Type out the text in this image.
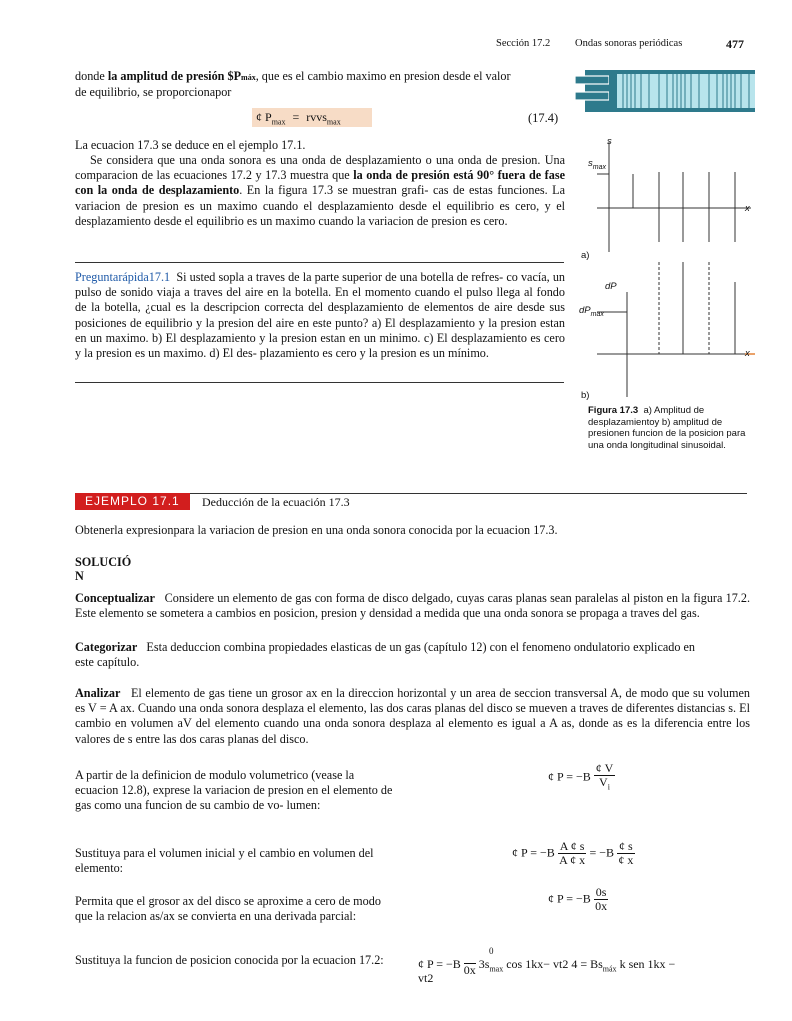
Sección 17.2 Ondas sonoras periódicas	477
donde la amplitud de presión $Pmáx, que es el cambio maximo en presion desde el valor
de equilibrio, se proporcionapor
¢ $P_{max}$ = rvvs$_{max}$	(17.4)
La ecuacion 17.3 se deduce en el ejemplo 17.1.
Se considera que una onda sonora es una onda de desplazamiento o una onda de presion. Una comparacion de las ecuaciones 17.2 y 17.3 muestra que la onda de presión está 90° fuera de fase con la onda de desplazamiento. En la figura 17.3 se muestran grafi- cas de estas funciones. La variacion de presion es un maximo cuando el desplazamiento desde el equilibrio es cero, y el desplazamiento desde el equilibrio es un maximo cuando la variacion de presion es cero.
Preguntarápida17.1 Si usted sopla a traves de la parte superior de una botella de refres- co vacía, un pulso de sonido viaja a traves del aire en la botella. En el momento cuando el pulso llega al fondo de la botella, ¿cual es la descripcion correcta del desplazamiento de elementos de aire desde sus posiciones de equilibrio y la presion del aire en este punto? a) El desplazamiento y la presion estan en un maximo. b) El desplazamiento y la presion estan en un minimo. c) El desplazamiento es cero y la presion es un maximo. d) El des- plazamiento es cero y la presion es un mínimo.
s
$s_{max}$
x
a)
dP
$dP_{max}$
x
b)
Figura 17.3 a) Amplitud de desplazamientoy b) amplitud de presionen funcion de la posicion para una onda longitudinal sinusoidal.
EJEMPLO 17.1	Deducción de la ecuación 17.3
Obtenerla expresionpara la variacion de presion en una onda sonora conocida por la ecuacion 17.3.
SOLUCIÓ
N
Conceptualizar Considere un elemento de gas con forma de disco delgado, cuyas caras planas sean paralelas al piston en la figura 17.2. Este elemento se sometera a cambios en posicion, presion y densidad a medida que una onda sonora se propaga a traves del gas.
Categorizar Esta deduccion combina propiedades elasticas de un gas (capítulo 12) con el fenomeno ondulatorio explicado en este capítulo.
Analizar El elemento de gas tiene un grosor ax en la direccion horizontal y un area de seccion transversal A, de modo que su volumen es V = A ax. Cuando una onda sonora desplaza el elemento, las dos caras planas del disco se mueven a traves de diferentes distancias s. El cambio en volumen aV del elemento cuando una onda sonora desplaza al elemento es igual a A as, donde as es la diferencia entre los valores de s entre las dos caras planas del disco.
A partir de la definicion de modulo volumetrico (vease la ecuacion 12.8), exprese la variacion de presion en el elemento de gas como una funcion de su cambio de vo- lumen:
¢ $P = -B \frac{¢ V}{V_i}$
Sustituya para el volumen inicial y el cambio en volumen del elemento:
¢ $P = -B \frac{A ¢ s}{A ¢ x} = -B \frac{¢ s}{¢ x}$
Permita que el grosor ax del disco se aproxime a cero de modo que la relacion as/ax se convierta en una derivada parcial:
¢ $P = -B \frac{0s}{0x}$
Sustituya la funcion de posicion conocida por la ecuacion 17.2:
0
¢ P = −B 0x $3s_{max}$ cos 1kx− vt2 $4 = Bs_{máx}$ k sen 1kx −
vt2
